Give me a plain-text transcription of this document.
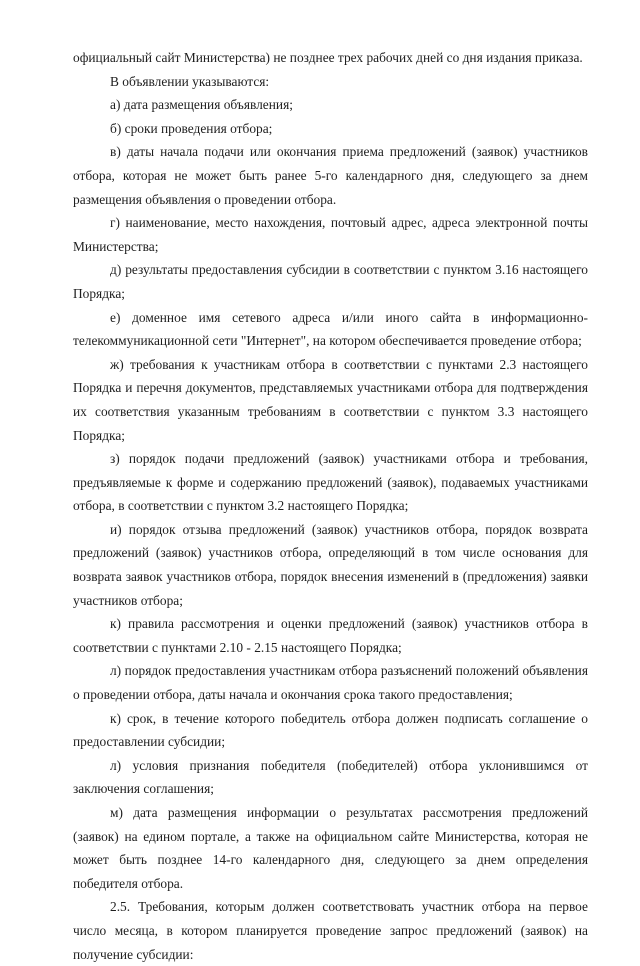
официальный сайт Министерства) не позднее трех рабочих дней со дня издания приказа.

В объявлении указываются:

а) дата размещения объявления;

б) сроки проведения отбора;

в) даты начала подачи или окончания приема предложений (заявок) участников отбора, которая не может быть ранее 5-го календарного дня, следующего за днем размещения объявления о проведении отбора.

г) наименование, место нахождения, почтовый адрес, адреса электронной почты Министерства;

д) результаты предоставления субсидии в соответствии с пунктом 3.16 настоящего Порядка;

е) доменное имя сетевого адреса и/или иного сайта в информационно-телекоммуникационной сети "Интернет", на котором обеспечивается проведение отбора;

ж) требования к участникам отбора в соответствии с пунктами 2.3 настоящего Порядка и перечня документов, представляемых участниками отбора для подтверждения их соответствия указанным требованиям в соответствии с пунктом 3.3 настоящего Порядка;

з) порядок подачи предложений (заявок) участниками отбора и требования, предъявляемые к форме и содержанию предложений (заявок), подаваемых участниками отбора, в соответствии с пунктом 3.2 настоящего Порядка;

и) порядок отзыва предложений (заявок) участников отбора, порядок возврата предложений (заявок) участников отбора, определяющий в том числе основания для возврата заявок участников отбора, порядок внесения изменений в (предложения) заявки участников отбора;

к) правила рассмотрения и оценки предложений (заявок) участников отбора в соответствии с пунктами 2.10 - 2.15 настоящего Порядка;

л) порядок предоставления участникам отбора разъяснений положений объявления о проведении отбора, даты начала и окончания срока такого предоставления;

к) срок, в течение которого победитель отбора должен подписать соглашение о предоставлении субсидии;

л) условия признания победителя (победителей) отбора уклонившимся от заключения соглашения;

м) дата размещения информации о результатах рассмотрения предложений (заявок) на едином портале, а также на официальном сайте Министерства, которая не может быть позднее 14-го календарного дня, следующего за днем определения победителя отбора.

2.5. Требования, которым должен соответствовать участник отбора на первое число месяца, в котором планируется проведение запрос предложений (заявок) на получение субсидии:
